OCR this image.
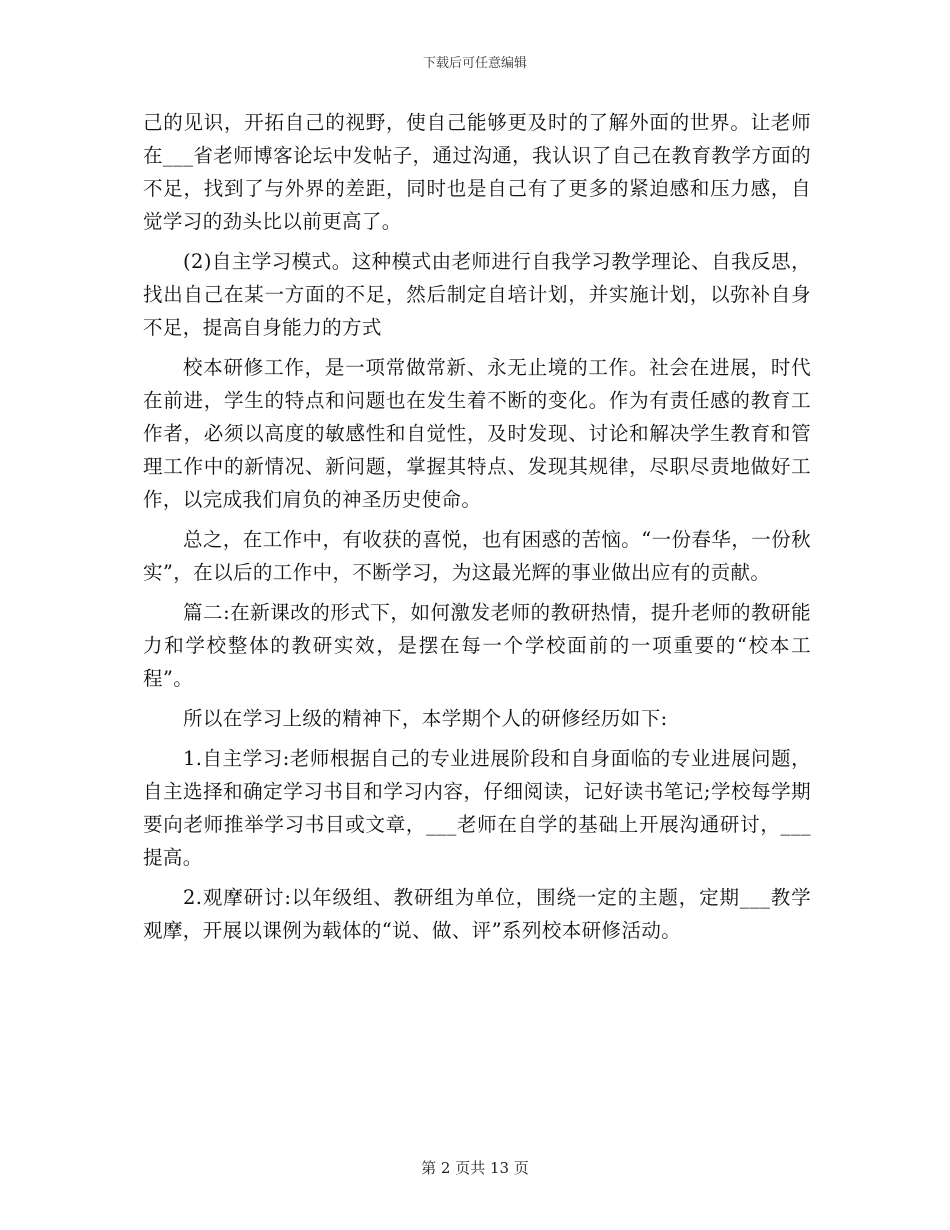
下载后可任意编辑

己的见识，开拓自己的视野，使自己能够更及时的了解外面的世界。让老师在___省老师博客论坛中发帖子，通过沟通，我认识了自己在教育教学方面的不足，找到了与外界的差距，同时也是自己有了更多的紧迫感和压力感，自觉学习的劲头比以前更高了。

(2)自主学习模式。这种模式由老师进行自我学习教学理论、自我反思，找出自己在某一方面的不足，然后制定自培计划，并实施计划，以弥补自身不足，提高自身能力的方式

校本研修工作，是一项常做常新、永无止境的工作。社会在进展，时代在前进，学生的特点和问题也在发生着不断的变化。作为有责任感的教育工作者，必须以高度的敏感性和自觉性，及时发现、讨论和解决学生教育和管理工作中的新情况、新问题，掌握其特点、发现其规律，尽职尽责地做好工作，以完成我们肩负的神圣历史使命。

总之，在工作中，有收获的喜悦，也有困惑的苦恼。“一份春华，一份秋实”，在以后的工作中，不断学习，为这最光辉的事业做出应有的贡献。

篇二:在新课改的形式下，如何激发老师的教研热情，提升老师的教研能力和学校整体的教研实效，是摆在每一个学校面前的一项重要的“校本工程”。

所以在学习上级的精神下，本学期个人的研修经历如下:

1.自主学习:老师根据自己的专业进展阶段和自身面临的专业进展问题，自主选择和确定学习书目和学习内容，仔细阅读，记好读书笔记;学校每学期要向老师推举学习书目或文章，___老师在自学的基础上开展沟通研讨，___提高。

2.观摩研讨:以年级组、教研组为单位，围绕一定的主题，定期___教学观摩，开展以课例为载体的“说、做、评”系列校本研修活动。

第 2 页共 13 页
